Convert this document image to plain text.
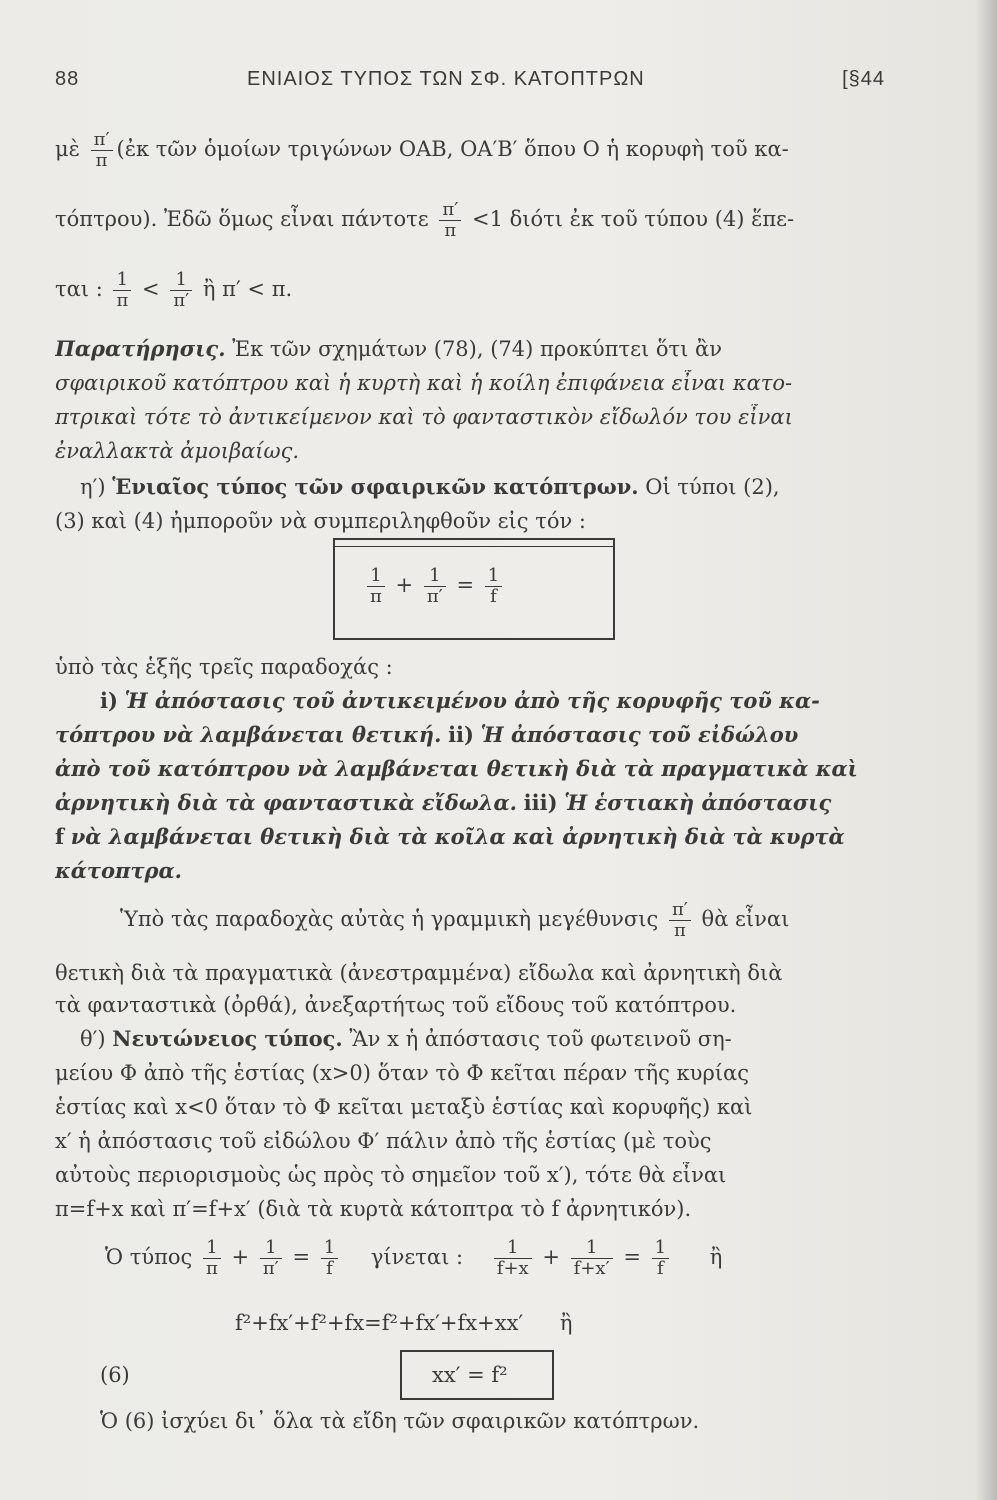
88	ΕΝΙΑΙΟΣ ΤΥΠΟΣ ΤΩΝ ΣΦ. ΚΑΤΟΠΤΡΩΝ	[§44
μὲ $\frac{\pi'}{\pi}$ (ἐκ τῶν ὁμοίων τριγώνων ΟΑΒ, ΟΑ′Β′ ὅπου Ο ἡ κορυφὴ τοῦ κα-
τόπτρου). Ἐδῶ ὅμως εἶναι πάντοτε $\frac{\pi'}{\pi} <1$ διότι ἐκ τοῦ τύπου (4) ἕπε-
ται : $\frac{1}{\pi} < \frac{1}{\pi'}$ ἢ π′ < π.
Παρατήρησις. Ἐκ τῶν σχημάτων (78), (74) προκύπτει ὅτι ἂν
σφαιρικοῦ κατόπτρου καὶ ἡ κυρτὴ καὶ ἡ κοίλη ἐπιφάνεια εἶναι κατο-
πτρικαὶ τότε τὸ ἀντικείμενον καὶ τὸ φανταστικὸν εἴδωλόν του εἶναι
ἐναλλακτὰ ἀμοιβαίως.
η′) Ἑνιαῖος τύπος τῶν σφαιρικῶν κατόπτρων. Οἱ τύποι (2),
(3) καὶ (4) ἠμποροῦν νὰ συμπεριληφθοῦν εἰς τόν :
$\frac{1}{\pi} + \frac{1}{\pi'} = \frac{1}{f}$
ὑπὸ τὰς ἑξῆς τρεῖς παραδοχάς :
i) Ἡ ἀπόστασις τοῦ ἀντικειμένου ἀπὸ τῆς κορυφῆς τοῦ κα-
τόπτρου νὰ λαμβάνεται θετική. ii) Ἡ ἀπόστασις τοῦ εἰδώλου
ἀπὸ τοῦ κατόπτρου νὰ λαμβάνεται θετικὴ διὰ τὰ πραγματικὰ καὶ
ἀρνητικὴ διὰ τὰ φανταστικὰ εἴδωλα. iii) Ἡ ἑστιακὴ ἀπόστασις
f νὰ λαμβάνεται θετικὴ διὰ τὰ κοῖλα καὶ ἀρνητικὴ διὰ τὰ κυρτὰ
κάτοπτρα.
Ὑπὸ τὰς παραδοχὰς αὐτὰς ἡ γραμμικὴ μεγέθυνσις $\frac{\pi'}{\pi}$ θὰ εἶναι
θετικὴ διὰ τὰ πραγματικὰ (ἀνεστραμμένα) εἴδωλα καὶ ἀρνητικὴ διὰ
τὰ φανταστικὰ (ὀρθά), ἀνεξαρτήτως τοῦ εἴδους τοῦ κατόπτρου.
θ′) Νευτώνειος τύπος. Ἂν x ἡ ἀπόστασις τοῦ φωτεινοῦ ση-
μείου Φ ἀπὸ τῆς ἑστίας (x>0) ὅταν τὸ Φ κεῖται πέραν τῆς κυρίας
ἑστίας καὶ x<0 ὅταν τὸ Φ κεῖται μεταξὺ ἑστίας καὶ κορυφῆς) καὶ
x′ ἡ ἀπόστασις τοῦ εἰδώλου Φ′ πάλιν ἀπὸ τῆς ἑστίας (μὲ τοὺς
αὐτοὺς περιορισμοὺς ὡς πρὸς τὸ σημεῖον τοῦ x′), τότε θὰ εἶναι
π=f+x καὶ π′=f+x′ (διὰ τὰ κυρτὰ κάτοπτρα τὸ f ἀρνητικόν).
Ὁ τύπος $\frac{1}{\pi} + \frac{1}{\pi'} = \frac{1}{f}$ γίνεται : $\frac{1}{f+x} + \frac{1}{f+x'} = \frac{1}{f}$ ἢ
f²+fx′+f²+fx=f²+fx′+fx+xx′ ἢ
(6)	xx′ = f²
Ὁ (6) ἰσχύει δι᾽ ὅλα τὰ εἴδη τῶν σφαιρικῶν κατόπτρων.
